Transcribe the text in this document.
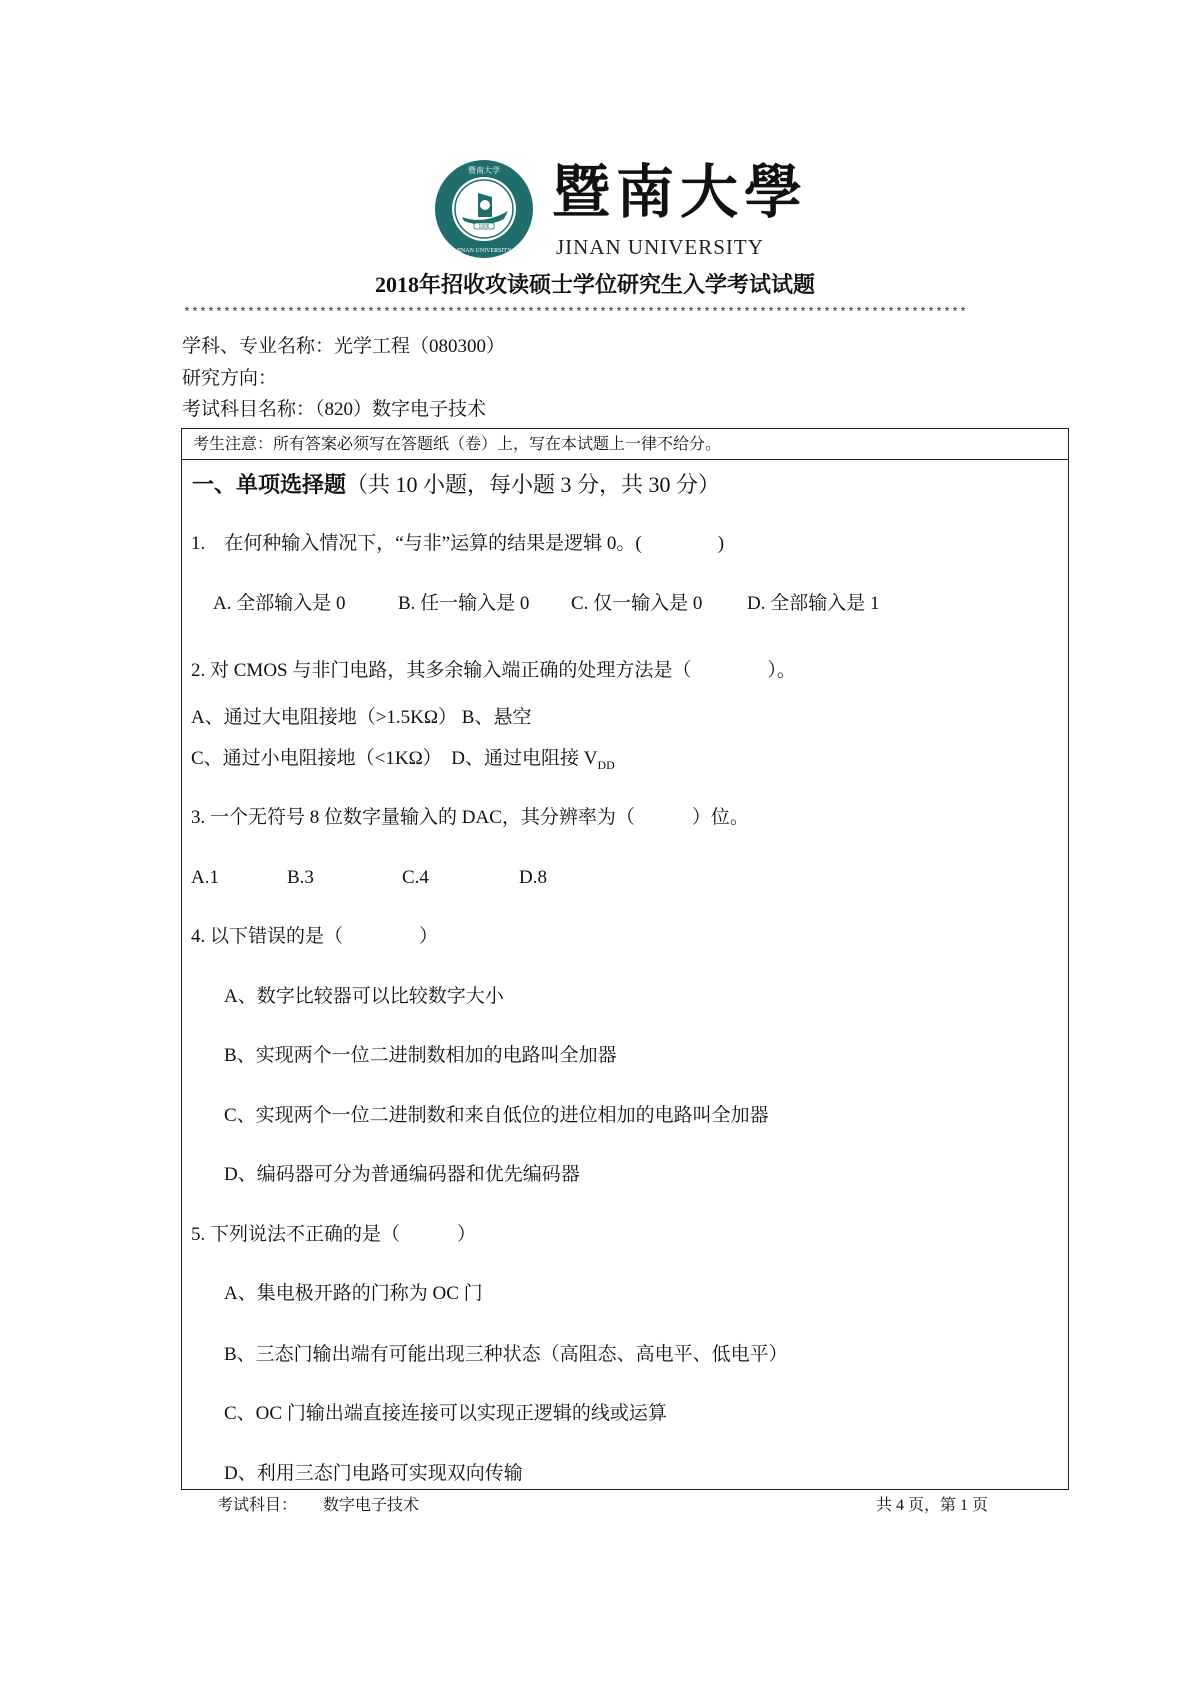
1906
暨南大学
JINAN UNIVERSITY
暨南大學
JINAN UNIVERSITY
2018年招收攻读硕士学位研究生入学考试试题
**************************************************************************************************
学科、专业名称：光学工程（080300）
研究方向：
考试科目名称：（820）数字电子技术
考生注意：所有答案必须写在答题纸（卷）上，写在本试题上一律不给分。
一、单项选择题（共 10 小题，每小题 3 分，共 30 分）
1.　在何种输入情况下，“与非”运算的结果是逻辑 0。(　　　　)
A. 全部输入是 0	B. 任一输入是 0 C. 仅一输入是 0 D. 全部输入是 1
2. 对 CMOS 与非门电路，其多余输入端正确的处理方法是（　　　　）。
A、通过大电阻接地（>1.5KΩ） B、悬空
C、通过小电阻接地（<1KΩ）　D、通过电阻接 $V_{DD}$
3. 一个无符号 8 位数字量输入的 DAC，其分辨率为（　　　）位。
A.1	B.3	C.4	D.8
4. 以下错误的是（　　　　）
A、数字比较器可以比较数字大小
B、实现两个一位二进制数相加的电路叫全加器
C、实现两个一位二进制数和来自低位的进位相加的电路叫全加器
D、编码器可分为普通编码器和优先编码器
5. 下列说法不正确的是（　　　）
A、集电极开路的门称为 OC 门
B、三态门输出端有可能出现三种状态（高阻态、高电平、低电平）
C、OC 门输出端直接连接可以实现正逻辑的线或运算
D、利用三态门电路可实现双向传输
考试科目： 数字电子技术	共 4 页，第 1 页
